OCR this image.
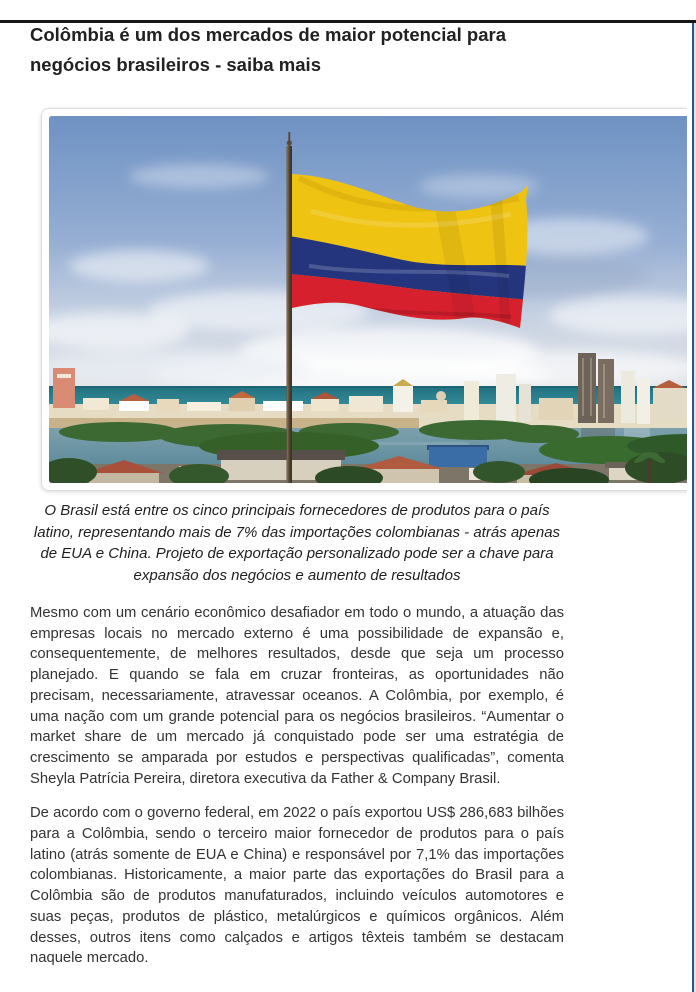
Colômbia é um dos mercados de maior potencial para negócios brasileiros - saiba mais

O Brasil está entre os cinco principais fornecedores de produtos para o país latino, representando mais de 7% das importações colombianas - atrás apenas de EUA e China. Projeto de exportação personalizado pode ser a chave para expansão dos negócios e aumento de resultados

Mesmo com um cenário econômico desafiador em todo o mundo, a atuação das empresas locais no mercado externo é uma possibilidade de expansão e, consequentemente, de melhores resultados, desde que seja um processo planejado. E quando se fala em cruzar fronteiras, as oportunidades não precisam, necessariamente, atravessar oceanos. A Colômbia, por exemplo, é uma nação com um grande potencial para os negócios brasileiros. “Aumentar o market share de um mercado já conquistado pode ser uma estratégia de crescimento se amparada por estudos e perspectivas qualificadas”, comenta Sheyla Patrícia Pereira, diretora executiva da Father & Company Brasil.

De acordo com o governo federal, em 2022 o país exportou US$ 286,683 bilhões para a Colômbia, sendo o terceiro maior fornecedor de produtos para o país latino (atrás somente de EUA e China) e responsável por 7,1% das importações colombianas. Historicamente, a maior parte das exportações do Brasil para a Colômbia são de produtos manufaturados, incluindo veículos automotores e suas peças, produtos de plástico, metalúrgicos e químicos orgânicos. Além desses, outros itens como calçados e artigos têxteis também se destacam naquele mercado.
